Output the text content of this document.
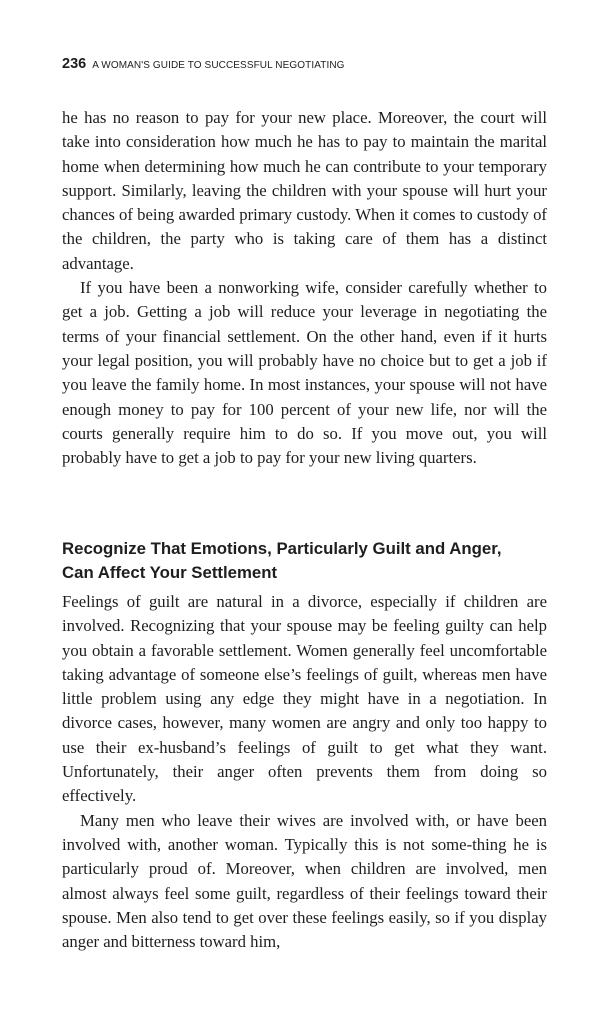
236 A WOMAN'S GUIDE TO SUCCESSFUL NEGOTIATING

he has no reason to pay for your new place. Moreover, the court will take into consideration how much he has to pay to maintain the marital home when determining how much he can contribute to your temporary support. Similarly, leaving the children with your spouse will hurt your chances of being awarded primary custody. When it comes to custody of the children, the party who is taking care of them has a distinct advantage.

If you have been a nonworking wife, consider carefully whether to get a job. Getting a job will reduce your leverage in negotiating the terms of your financial settlement. On the other hand, even if it hurts your legal position, you will probably have no choice but to get a job if you leave the family home. In most instances, your spouse will not have enough money to pay for 100 percent of your new life, nor will the courts generally require him to do so. If you move out, you will probably have to get a job to pay for your new living quarters.

Recognize That Emotions, Particularly Guilt and Anger,
Can Affect Your Settlement

Feelings of guilt are natural in a divorce, especially if children are involved. Recognizing that your spouse may be feeling guilty can help you obtain a favorable settlement. Women generally feel uncomfortable taking advantage of someone else’s feelings of guilt, whereas men have little problem using any edge they might have in a negotiation. In divorce cases, however, many women are angry and only too happy to use their ex-husband’s feelings of guilt to get what they want. Unfortunately, their anger often prevents them from doing so effectively.

Many men who leave their wives are involved with, or have been involved with, another woman. Typically this is not some-thing he is particularly proud of. Moreover, when children are involved, men almost always feel some guilt, regardless of their feelings toward their spouse. Men also tend to get over these feelings easily, so if you display anger and bitterness toward him,
